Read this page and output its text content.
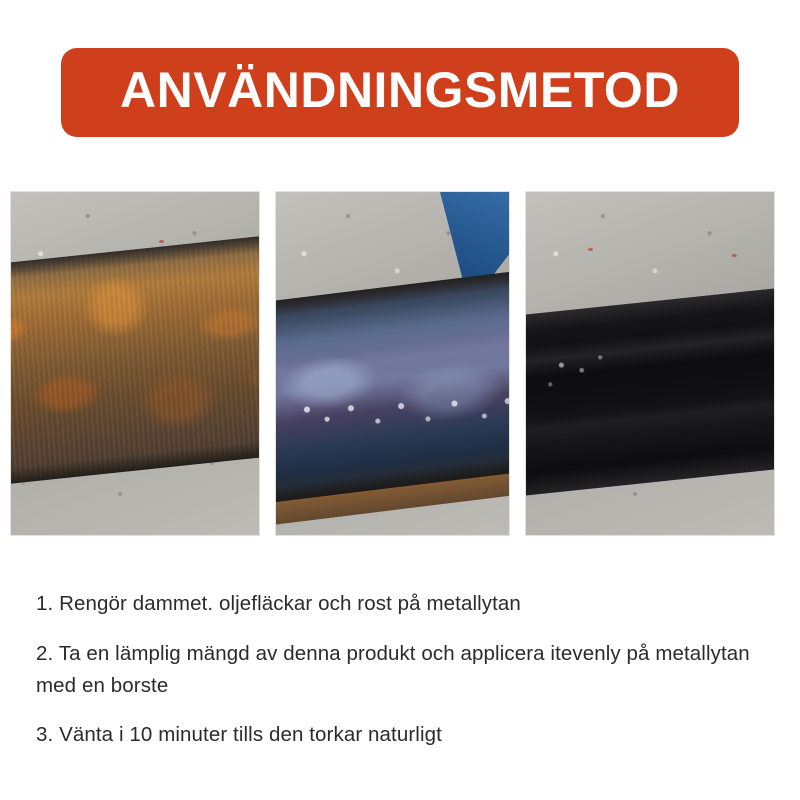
ANVÄNDNINGSMETOD
1. Rengör dammet. oljefläckar och rost på metallytan
2. Ta en lämplig mängd av denna produkt och applicera itevenly på metallytan med en borste
3. Vänta i 10 minuter tills den torkar naturligt
